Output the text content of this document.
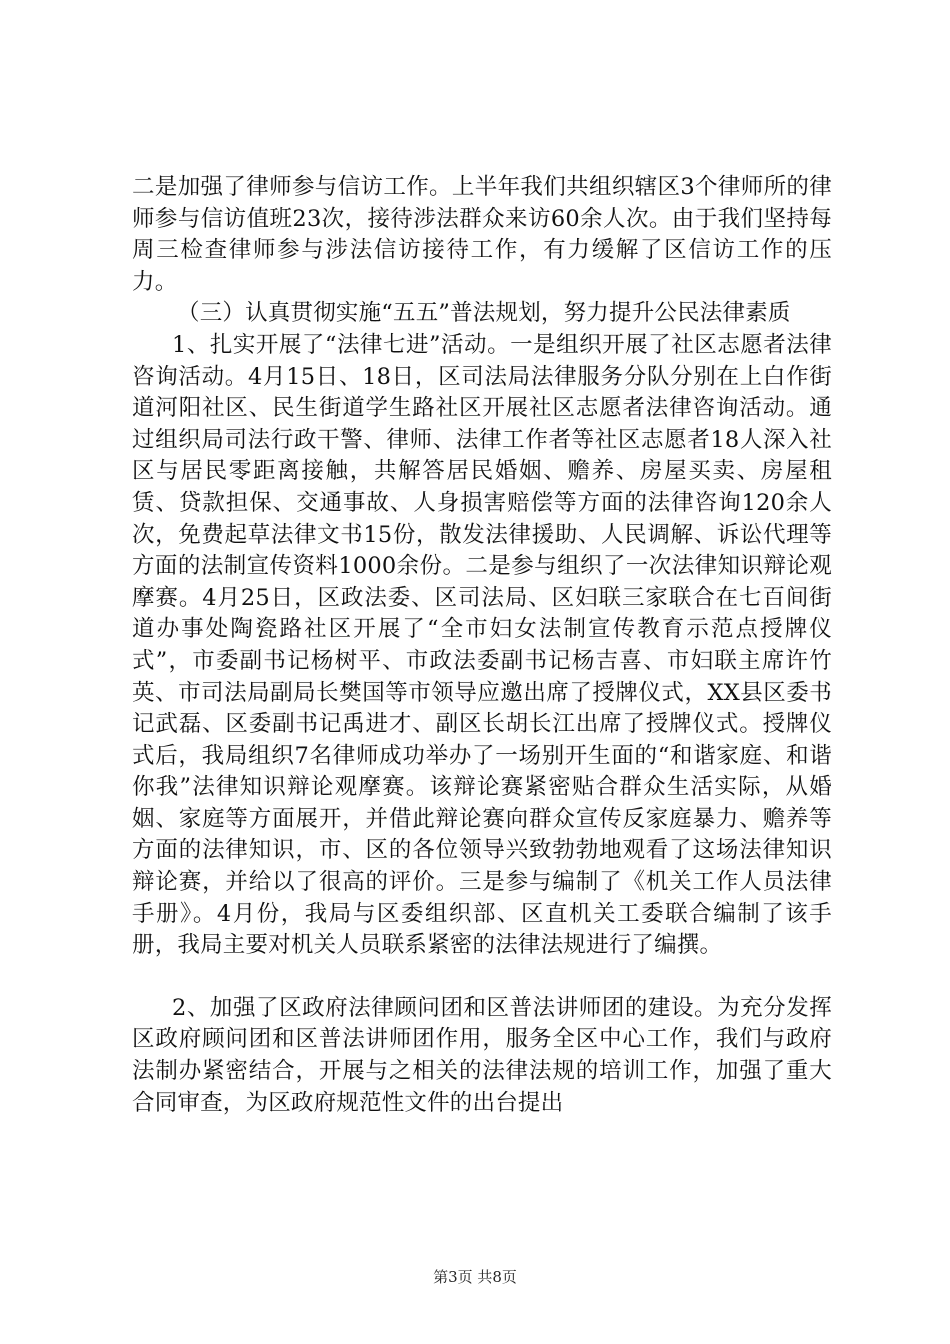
二是加强了律师参与信访工作。上半年我们共组织辖区3个律师所的律师参与信访值班23次，接待涉法群众来访60余人次。由于我们坚持每周三检查律师参与涉法信访接待工作，有力缓解了区信访工作的压力。

（三）认真贯彻实施“五五”普法规划，努力提升公民法律素质

1、扎实开展了“法律七进”活动。一是组织开展了社区志愿者法律咨询活动。4月15日、18日，区司法局法律服务分队分别在上白作街道河阳社区、民生街道学生路社区开展社区志愿者法律咨询活动。通过组织局司法行政干警、律师、法律工作者等社区志愿者18人深入社区与居民零距离接触，共解答居民婚姻、赡养、房屋买卖、房屋租赁、贷款担保、交通事故、人身损害赔偿等方面的法律咨询120余人次，免费起草法律文书15份，散发法律援助、人民调解、诉讼代理等方面的法制宣传资料1000余份。二是参与组织了一次法律知识辩论观摩赛。4月25日，区政法委、区司法局、区妇联三家联合在七百间街道办事处陶瓷路社区开展了“全市妇女法制宣传教育示范点授牌仪式”，市委副书记杨树平、市政法委副书记杨吉喜、市妇联主席许竹英、市司法局副局长樊国等市领导应邀出席了授牌仪式，XX县区委书记武磊、区委副书记禹进才、副区长胡长江出席了授牌仪式。授牌仪式后，我局组织7名律师成功举办了一场别开生面的“和谐家庭、和谐你我”法律知识辩论观摩赛。该辩论赛紧密贴合群众生活实际，从婚姻、家庭等方面展开，并借此辩论赛向群众宣传反家庭暴力、赡养等方面的法律知识，市、区的各位领导兴致勃勃地观看了这场法律知识辩论赛，并给以了很高的评价。三是参与编制了《机关工作人员法律手册》。4月份，我局与区委组织部、区直机关工委联合编制了该手册，我局主要对机关人员联系紧密的法律法规进行了编撰。

2、加强了区政府法律顾问团和区普法讲师团的建设。为充分发挥区政府顾问团和区普法讲师团作用，服务全区中心工作，我们与政府法制办紧密结合，开展与之相关的法律法规的培训工作，加强了重大合同审查，为区政府规范性文件的出台提出

第3页 共8页
